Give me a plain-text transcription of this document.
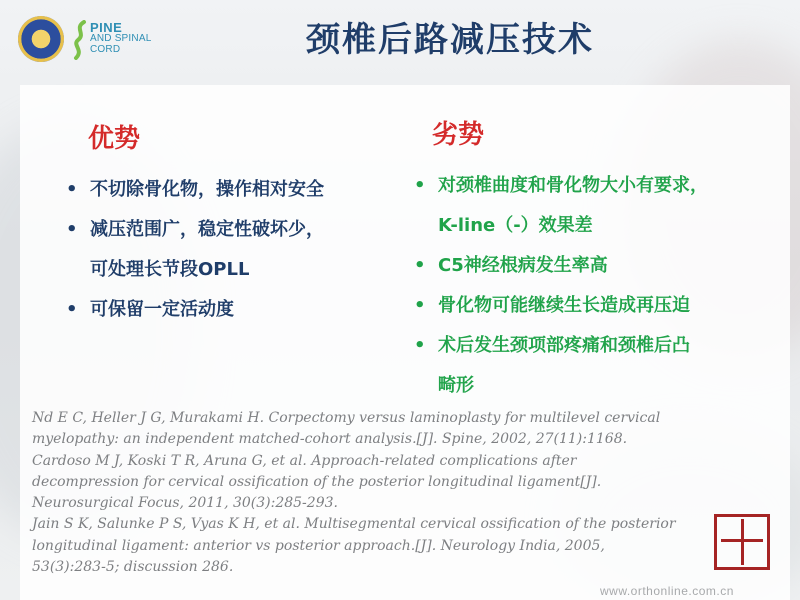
PINE
AND SPINAL CORD	颈椎后路减压技术
优势	劣势
• 不切除骨化物，操作相对安全
• 减压范围广，稳定性破坏少，
可处理长节段OPLL
• 可保留一定活动度
• 对颈椎曲度和骨化物大小有要求，
K-line（-）效果差
• C5神经根病发生率高
• 骨化物可能继续生长造成再压迫
• 术后发生颈项部疼痛和颈椎后凸
畸形
Nd E C, Heller J G, Murakami H. Corpectomy versus laminoplasty for multilevel cervical
myelopathy: an independent matched-cohort analysis.[J]. Spine, 2002, 27(11):1168.
Cardoso M J, Koski T R, Aruna G, et al. Approach-related complications after
decompression for cervical ossification of the posterior longitudinal ligament[J].
Neurosurgical Focus, 2011, 30(3):285-293.
Jain S K, Salunke P S, Vyas K H, et al. Multisegmental cervical ossification of the posterior
longitudinal ligament: anterior vs posterior approach.[J]. Neurology India, 2005,
53(3):283-5; discussion 286.
www.orthonline.com.cn
